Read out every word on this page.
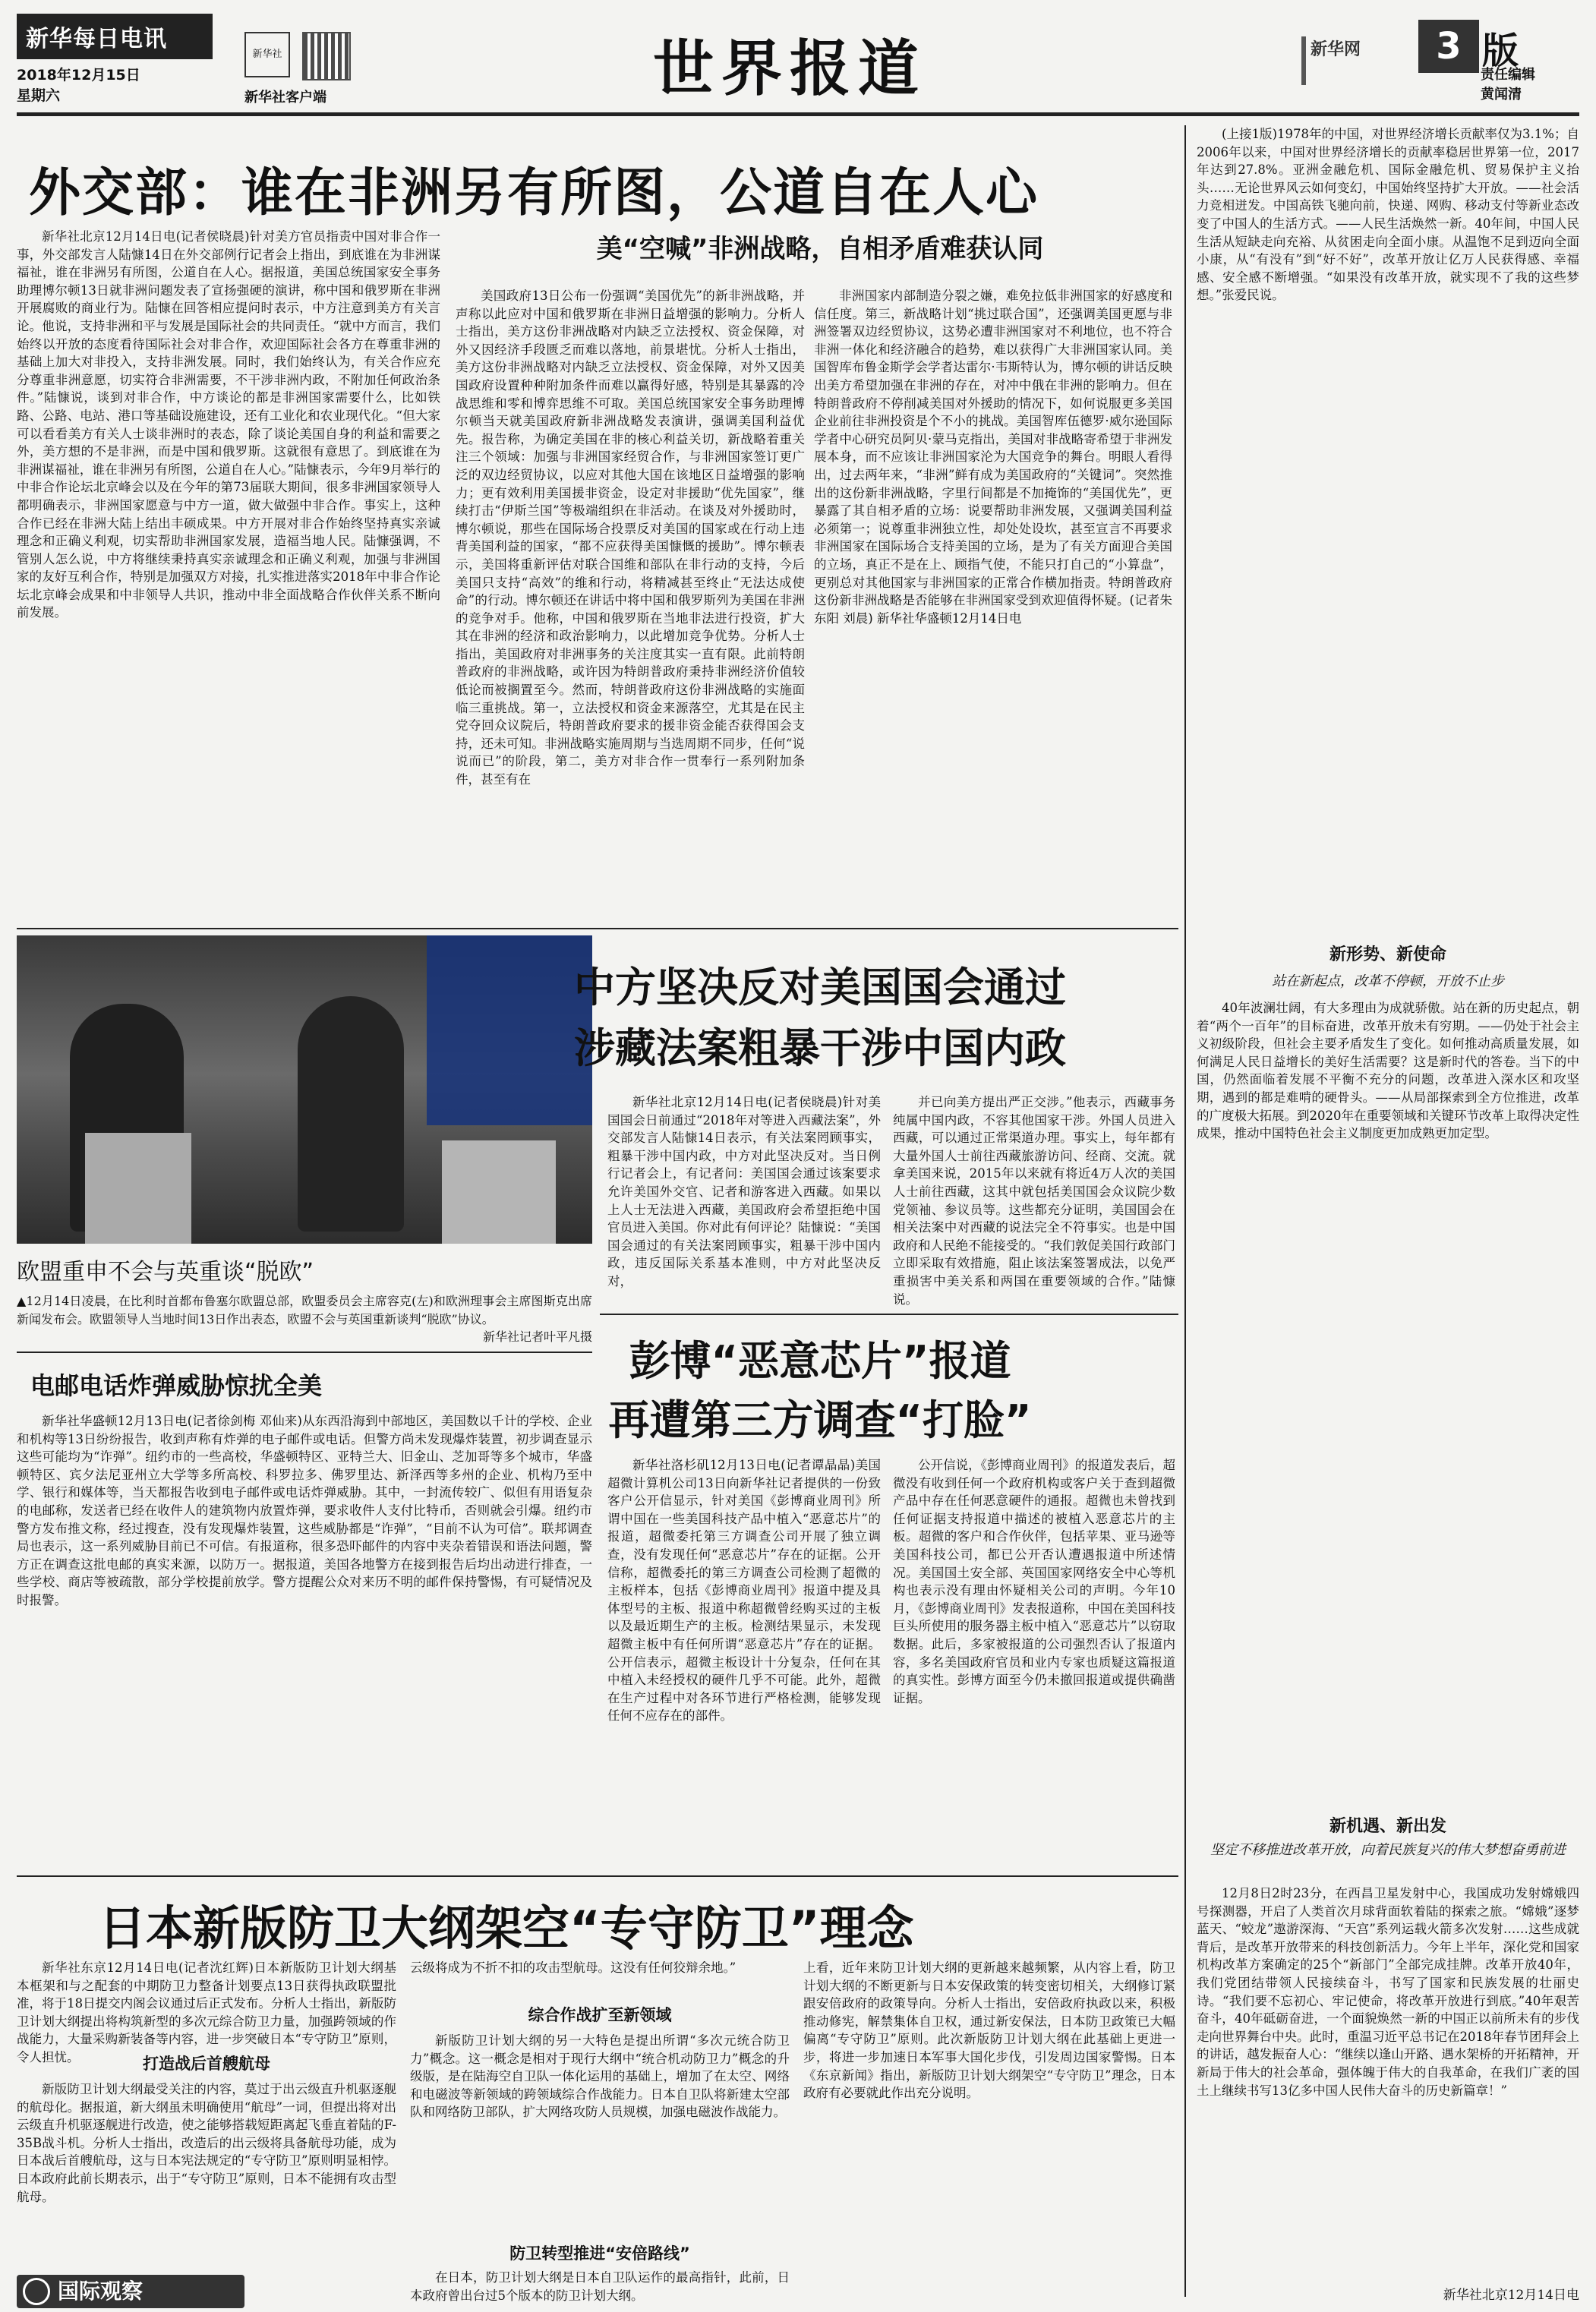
新华每日电讯
2018年12月15日
星期六
新华社
新华社客户端	世界报道	新华网	3 版
责任编辑
黄闻清
外交部：谁在非洲另有所图，公道自在人心

新华社北京12月14日电(记者侯晓晨)针对美方官员指责中国对非合作一事，外交部发言人陆慷14日在外交部例行记者会上指出，到底谁在为非洲谋福祉，谁在非洲另有所图，公道自在人心。据报道，美国总统国家安全事务助理博尔顿13日就非洲问题发表了宣扬强硬的演讲，称中国和俄罗斯在非洲开展腐败的商业行为。陆慷在回答相应提问时表示，中方注意到美方有关言论。他说，支持非洲和平与发展是国际社会的共同责任。“就中方而言，我们始终以开放的态度看待国际社会对非合作，欢迎国际社会各方在尊重非洲的基础上加大对非投入，支持非洲发展。同时，我们始终认为，有关合作应充分尊重非洲意愿，切实符合非洲需要，不干涉非洲内政，不附加任何政治条件。”陆慷说，谈到对非合作，中方谈论的都是非洲国家需要什么，比如铁路、公路、电站、港口等基础设施建设，还有工业化和农业现代化。“但大家可以看看美方有关人士谈非洲时的表态，除了谈论美国自身的利益和需要之外，美方想的不是非洲，而是中国和俄罗斯。这就很有意思了。到底谁在为非洲谋福祉，谁在非洲另有所图，公道自在人心。”陆慷表示，今年9月举行的中非合作论坛北京峰会以及在今年的第73届联大期间，很多非洲国家领导人都明确表示，非洲国家愿意与中方一道，做大做强中非合作。事实上，这种合作已经在非洲大陆上结出丰硕成果。中方开展对非合作始终坚持真实亲诚理念和正确义利观，切实帮助非洲国家发展，造福当地人民。陆慷强调，不管别人怎么说，中方将继续秉持真实亲诚理念和正确义利观，加强与非洲国家的友好互利合作，特别是加强双方对接，扎实推进落实2018年中非合作论坛北京峰会成果和中非领导人共识，推动中非全面战略合作伙伴关系不断向前发展。

美“空喊”非洲战略，自相矛盾难获认同

美国政府13日公布一份强调“美国优先”的新非洲战略，并声称以此应对中国和俄罗斯在非洲日益增强的影响力。分析人士指出，美方这份非洲战略对内缺乏立法授权、资金保障，对外又因经济手段匮乏而难以落地，前景堪忧。分析人士指出，美方这份非洲战略对内缺乏立法授权、资金保障，对外又因美国政府设置种种附加条件而难以赢得好感，特别是其暴露的冷战思维和零和博弈思维不可取。美国总统国家安全事务助理博尔顿当天就美国政府新非洲战略发表演讲，强调美国利益优先。报告称，为确定美国在非的核心利益关切，新战略着重关注三个领域：加强与非洲国家经贸合作，与非洲国家签订更广泛的双边经贸协议，以应对其他大国在该地区日益增强的影响力；更有效利用美国援非资金，设定对非援助“优先国家”，继续打击“伊斯兰国”等极端组织在非活动。在谈及对外援助时，博尔顿说，那些在国际场合投票反对美国的国家或在行动上违背美国利益的国家，“都不应获得美国慷慨的援助”。博尔顿表示，美国将重新评估对联合国维和部队在非行动的支持，今后美国只支持“高效”的维和行动，将精减甚至终止“无法达成使命”的行动。博尔顿还在讲话中将中国和俄罗斯列为美国在非洲的竞争对手。他称，中国和俄罗斯在当地非法进行投资，扩大其在非洲的经济和政治影响力，以此增加竞争优势。分析人士指出，美国政府对非洲事务的关注度其实一直有限。此前特朗普政府的非洲战略，或许因为特朗普政府秉持非洲经济价值较低论而被搁置至今。然而，特朗普政府这份非洲战略的实施面临三重挑战。第一，立法授权和资金来源落空，尤其是在民主党夺回众议院后，特朗普政府要求的援非资金能否获得国会支持，还未可知。非洲战略实施周期与当选周期不同步，任何“说说而已”的阶段，第二，美方对非合作一贯奉行一系列附加条件，甚至有在

非洲国家内部制造分裂之嫌，难免拉低非洲国家的好感度和信任度。第三，新战略计划“挑过联合国”，还强调美国更愿与非洲签署双边经贸协议，这势必遭非洲国家对不利地位，也不符合非洲一体化和经济融合的趋势，难以获得广大非洲国家认同。美国智库布鲁金斯学会学者达雷尔·韦斯特认为，博尔顿的讲话反映出美方希望加强在非洲的存在，对冲中俄在非洲的影响力。但在特朗普政府不停削减美国对外援助的情况下，如何说服更多美国企业前往非洲投资是个不小的挑战。美国智库伍德罗·威尔逊国际学者中心研究员阿贝·蒙马克指出，美国对非战略寄希望于非洲发展本身，而不应该让非洲国家沦为大国竞争的舞台。明眼人看得出，过去两年来，“非洲”鲜有成为美国政府的“关键词”。突然推出的这份新非洲战略，字里行间都是不加掩饰的“美国优先”，更暴露了其自相矛盾的立场：说要帮助非洲发展，又强调美国利益必须第一；说尊重非洲独立性，却处处设坎，甚至宣言不再要求非洲国家在国际场合支持美国的立场，是为了有关方面迎合美国的立场，真正不是在上、顾指气使，不能只打自己的“小算盘”，更别总对其他国家与非洲国家的正常合作横加指责。特朗普政府这份新非洲战略是否能够在非洲国家受到欢迎值得怀疑。(记者朱东阳 刘晨) 新华社华盛顿12月14日电

欧盟重申不会与英重谈“脱欧”

▲12月14日凌晨，在比利时首都布鲁塞尔欧盟总部，欧盟委员会主席容克(左)和欧洲理事会主席图斯克出席新闻发布会。欧盟领导人当地时间13日作出表态，欧盟不会与英国重新谈判“脱欧”协议。

新华社记者叶平凡摄
中方坚决反对美国国会通过
涉藏法案粗暴干涉中国内政

新华社北京12月14日电(记者侯晓晨)针对美国国会日前通过“2018年对等进入西藏法案”，外交部发言人陆慷14日表示，有关法案罔顾事实，粗暴干涉中国内政，中方对此坚决反对。当日例行记者会上，有记者问：美国国会通过该案要求允许美国外交官、记者和游客进入西藏。如果以上人士无法进入西藏，美国政府会希望拒绝中国官员进入美国。你对此有何评论？陆慷说：“美国国会通过的有关法案罔顾事实，粗暴干涉中国内政，违反国际关系基本准则，中方对此坚决反对，

并已向美方提出严正交涉。”他表示，西藏事务纯属中国内政，不容其他国家干涉。外国人员进入西藏，可以通过正常渠道办理。事实上，每年都有大量外国人士前往西藏旅游访问、经商、交流。就拿美国来说，2015年以来就有将近4万人次的美国人士前往西藏，这其中就包括美国国会众议院少数党领袖、参议员等。这些都充分证明，美国国会在相关法案中对西藏的说法完全不符事实。也是中国政府和人民绝不能接受的。“我们敦促美国行政部门立即采取有效措施，阻止该法案签署成法，以免严重损害中美关系和两国在重要领域的合作。”陆慷说。

电邮电话炸弹威胁惊扰全美

新华社华盛顿12月13日电(记者徐剑梅 邓仙来)从东西沿海到中部地区，美国数以千计的学校、企业和机构等13日纷纷报告，收到声称有炸弹的电子邮件或电话。但警方尚未发现爆炸装置，初步调查显示这些可能均为“诈弹”。纽约市的一些高校，华盛顿特区、亚特兰大、旧金山、芝加哥等多个城市，华盛顿特区、宾夕法尼亚州立大学等多所高校、科罗拉多、佛罗里达、新泽西等多州的企业、机构乃至中学、银行和媒体等，当天都报告收到电子邮件或电话炸弹威胁。其中，一封流传较广、似但有用语复杂的电邮称，发送者已经在收件人的建筑物内放置炸弹，要求收件人支付比特币，否则就会引爆。纽约市警方发布推文称，经过搜查，没有发现爆炸装置，这些威胁都是“诈弹”，“目前不认为可信”。联邦调查局也表示，这一系列威胁目前已不可信。有报道称，很多恐吓邮件的内容中夹杂着错误和语法问题，警方正在调查这批电邮的真实来源，以防万一。据报道，美国各地警方在接到报告后均出动进行排查，一些学校、商店等被疏散，部分学校提前放学。警方提醒公众对来历不明的邮件保持警惕，有可疑情况及时报警。

彭博“恶意芯片”报道
再遭第三方调查“打脸”

新华社洛杉矶12月13日电(记者谭晶晶)美国超微计算机公司13日向新华社记者提供的一份致客户公开信显示，针对美国《彭博商业周刊》所谓中国在一些美国科技产品中植入“恶意芯片”的报道，超微委托第三方调查公司开展了独立调查，没有发现任何“恶意芯片”存在的证据。公开信称，超微委托的第三方调查公司检测了超微的主板样本，包括《彭博商业周刊》报道中提及具体型号的主板、报道中称超微曾经购买过的主板以及最近期生产的主板。检测结果显示，未发现超微主板中有任何所谓“恶意芯片”存在的证据。公开信表示，超微主板设计十分复杂，任何在其中植入未经授权的硬件几乎不可能。此外，超微在生产过程中对各环节进行严格检测，能够发现任何不应存在的部件。

公开信说，《彭博商业周刊》的报道发表后，超微没有收到任何一个政府机构或客户关于查到超微产品中存在任何恶意硬件的通报。超微也未曾找到任何证据支持报道中描述的被植入恶意芯片的主板。超微的客户和合作伙伴，包括苹果、亚马逊等美国科技公司，都已公开否认遭遇报道中所述情况。美国国土安全部、英国国家网络安全中心等机构也表示没有理由怀疑相关公司的声明。今年10月，《彭博商业周刊》发表报道称，中国在美国科技巨头所使用的服务器主板中植入“恶意芯片”以窃取数据。此后，多家被报道的公司强烈否认了报道内容，多名美国政府官员和业内专家也质疑这篇报道的真实性。彭博方面至今仍未撤回报道或提供确凿证据。

日本新版防卫大纲架空“专守防卫”理念

新华社东京12月14日电(记者沈红辉)日本新版防卫计划大纲基本框架和与之配套的中期防卫力整备计划要点13日获得执政联盟批准，将于18日提交内阁会议通过后正式发布。分析人士指出，新版防卫计划大纲提出将构筑新型的多次元综合防卫力量，加强跨领域的作战能力，大量采购新装备等内容，进一步突破日本“专守防卫”原则，令人担忧。	打造战后首艘航母

新版防卫计划大纲最受关注的内容，莫过于出云级直升机驱逐舰的航母化。据报道，新大纲虽未明确使用“航母”一词，但提出将对出云级直升机驱逐舰进行改造，使之能够搭载短距离起飞垂直着陆的F-35B战斗机。分析人士指出，改造后的出云级将具备航母功能，成为日本战后首艘航母，这与日本宪法规定的“专守防卫”原则明显相悖。日本政府此前长期表示，出于“专守防卫”原则，日本不能拥有攻击型航母。

云级将成为不折不扣的攻击型航母。这没有任何狡辩余地。”

综合作战扩至新领域

新版防卫计划大纲的另一大特色是提出所谓“多次元统合防卫力”概念。这一概念是相对于现行大纲中“统合机动防卫力”概念的升级版，是在陆海空自卫队一体化运用的基础上，增加了在太空、网络和电磁波等新领域的跨领域综合作战能力。日本自卫队将新建太空部队和网络防卫部队，扩大网络攻防人员规模，加强电磁波作战能力。

防卫转型推进“安倍路线”

在日本，防卫计划大纲是日本自卫队运作的最高指针，此前，日本政府曾出台过5个版本的防卫计划大纲。

上看，近年来防卫计划大纲的更新越来越频繁，从内容上看，防卫计划大纲的不断更新与日本安保政策的转变密切相关，大纲修订紧跟安倍政府的政策导向。分析人士指出，安倍政府执政以来，积极推动修宪，解禁集体自卫权，通过新安保法，日本防卫政策已大幅偏离“专守防卫”原则。此次新版防卫计划大纲在此基础上更进一步，将进一步加速日本军事大国化步伐，引发周边国家警惕。日本《东京新闻》指出，新版防卫计划大纲架空“专守防卫”理念，日本政府有必要就此作出充分说明。

(上接1版)1978年的中国，对世界经济增长贡献率仅为3.1%；自2006年以来，中国对世界经济增长的贡献率稳居世界第一位，2017年达到27.8%。亚洲金融危机、国际金融危机、贸易保护主义抬头……无论世界风云如何变幻，中国始终坚持扩大开放。——社会活力竞相迸发。中国高铁飞驰向前，快递、网购、移动支付等新业态改变了中国人的生活方式。——人民生活焕然一新。40年间，中国人民生活从短缺走向充裕、从贫困走向全面小康。从温饱不足到迈向全面小康，从“有没有”到“好不好”，改革开放让亿万人民获得感、幸福感、安全感不断增强。“如果没有改革开放，就实现不了我的这些梦想。”张爱民说。

新形势、新使命
站在新起点，改革不停顿，开放不止步

40年波澜壮阔，有大多理由为成就骄傲。站在新的历史起点，朝着“两个一百年”的目标奋进，改革开放未有穷期。——仍处于社会主义初级阶段，但社会主要矛盾发生了变化。如何推动高质量发展，如何满足人民日益增长的美好生活需要？这是新时代的答卷。当下的中国，仍然面临着发展不平衡不充分的问题，改革进入深水区和攻坚期，遇到的都是难啃的硬骨头。——从局部探索到全方位推进，改革的广度极大拓展。到2020年在重要领域和关键环节改革上取得决定性成果，推动中国特色社会主义制度更加成熟更加定型。

新机遇、新出发
坚定不移推进改革开放，向着民族复兴的伟大梦想奋勇前进

12月8日2时23分，在西昌卫星发射中心，我国成功发射嫦娥四号探测器，开启了人类首次月球背面软着陆的探索之旅。“嫦娥”逐梦蓝天、“蛟龙”遨游深海、“天宫”系列运载火箭多次发射……这些成就背后，是改革开放带来的科技创新活力。今年上半年，深化党和国家机构改革方案确定的25个“新部门”全部完成挂牌。改革开放40年，我们党团结带领人民接续奋斗，书写了国家和民族发展的壮丽史诗。“我们要不忘初心、牢记使命，将改革开放进行到底。”40年艰苦奋斗，40年砥砺奋进，一个面貌焕然一新的中国正以前所未有的步伐走向世界舞台中央。此时，重温习近平总书记在2018年春节团拜会上的讲话，越发振奋人心：“继续以逢山开路、遇水架桥的开拓精神，开新局于伟大的社会革命，强体魄于伟大的自我革命，在我们广袤的国土上继续书写13亿多中国人民伟大奋斗的历史新篇章！”

新华社北京12月14日电
国际观察
